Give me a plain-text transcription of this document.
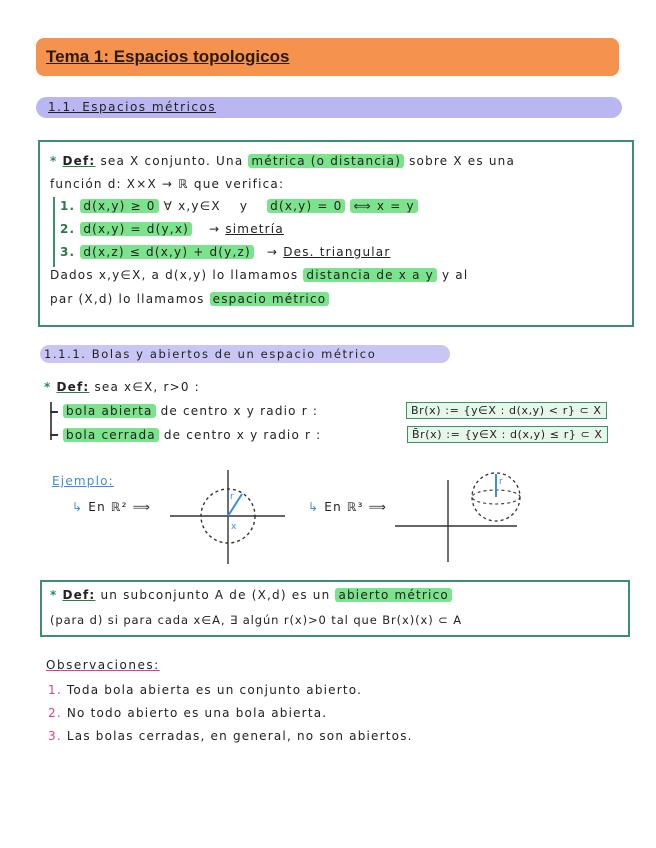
Tema 1: Espacios topologicos
1.1. Espacios métricos
* Def: sea X conjunto. Una métrica (o distancia) sobre X es una
función d: X×X → ℝ que verifica:
1. d(x,y) ≥ 0 ∀ x,y∈X y d(x,y) = 0 ⟺ x = y
2. d(x,y) = d(y,x) → simetría
3. d(x,z) ≤ d(x,y) + d(y,z) → Des. triangular
Dados x,y∈X, a d(x,y) lo llamamos distancia de x a y y al
par (X,d) lo llamamos espacio métrico
1.1.1. Bolas y abiertos de un espacio métrico
* Def: sea x∈X, r>0 :
bola abierta de centro x y radio r :	Br(x) := {y∈X : d(x,y) < r} ⊂ X
bola cerrada de centro x y radio r :	B̄r(x) := {y∈X : d(x,y) ≤ r} ⊂ X
Ejemplo:
↳ En ℝ² ⟹
r
x
↳ En ℝ³ ⟹
r
* Def: un subconjunto A de (X,d) es un abierto métrico
(para d) si para cada x∈A, ∃ algún r(x)>0 tal que Br(x)(x) ⊂ A
Observaciones:
1. Toda bola abierta es un conjunto abierto.
2. No todo abierto es una bola abierta.
3. Las bolas cerradas, en general, no son abiertos.
